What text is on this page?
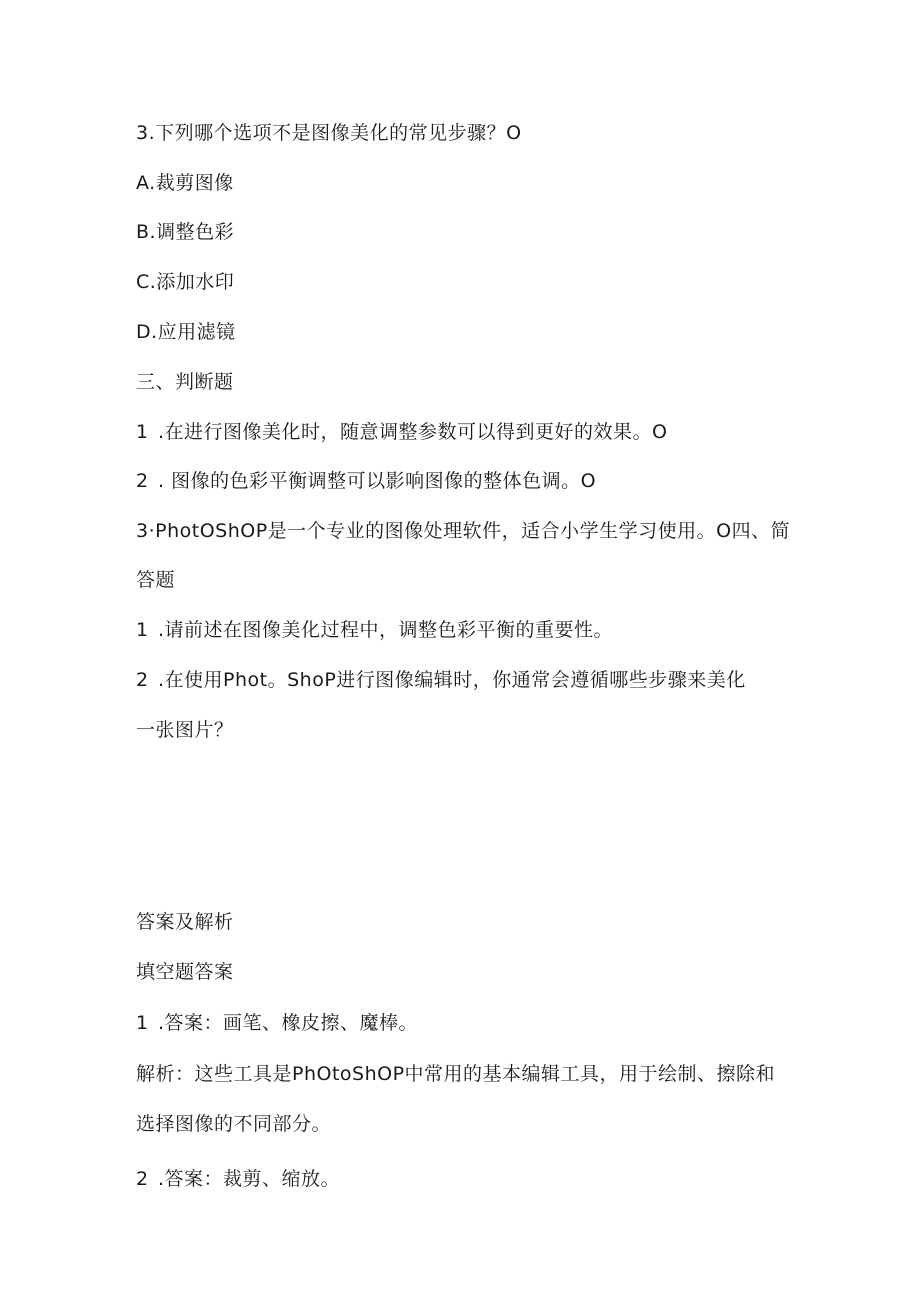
3.下列哪个选项不是图像美化的常见步骤？O
A.裁剪图像
B.调整色彩
C.添加水印
D.应用滤镜
三、判断题
1 .在进行图像美化时，随意调整参数可以得到更好的效果。O
2 . 图像的色彩平衡调整可以影响图像的整体色调。O
3·PhotOShOP是一个专业的图像处理软件，适合小学生学习使用。O四、简
答题
1 .请前述在图像美化过程中，调整色彩平衡的重要性。
2 .在使用Phot。ShoP进行图像编辑时，你通常会遵循哪些步骤来美化
一张图片？
答案及解析
填空题答案
1 .答案：画笔、橡皮擦、魔棒。
解析：这些工具是PhOtoShOP中常用的基本编辑工具，用于绘制、擦除和
选择图像的不同部分。
2 .答案：裁剪、缩放。
